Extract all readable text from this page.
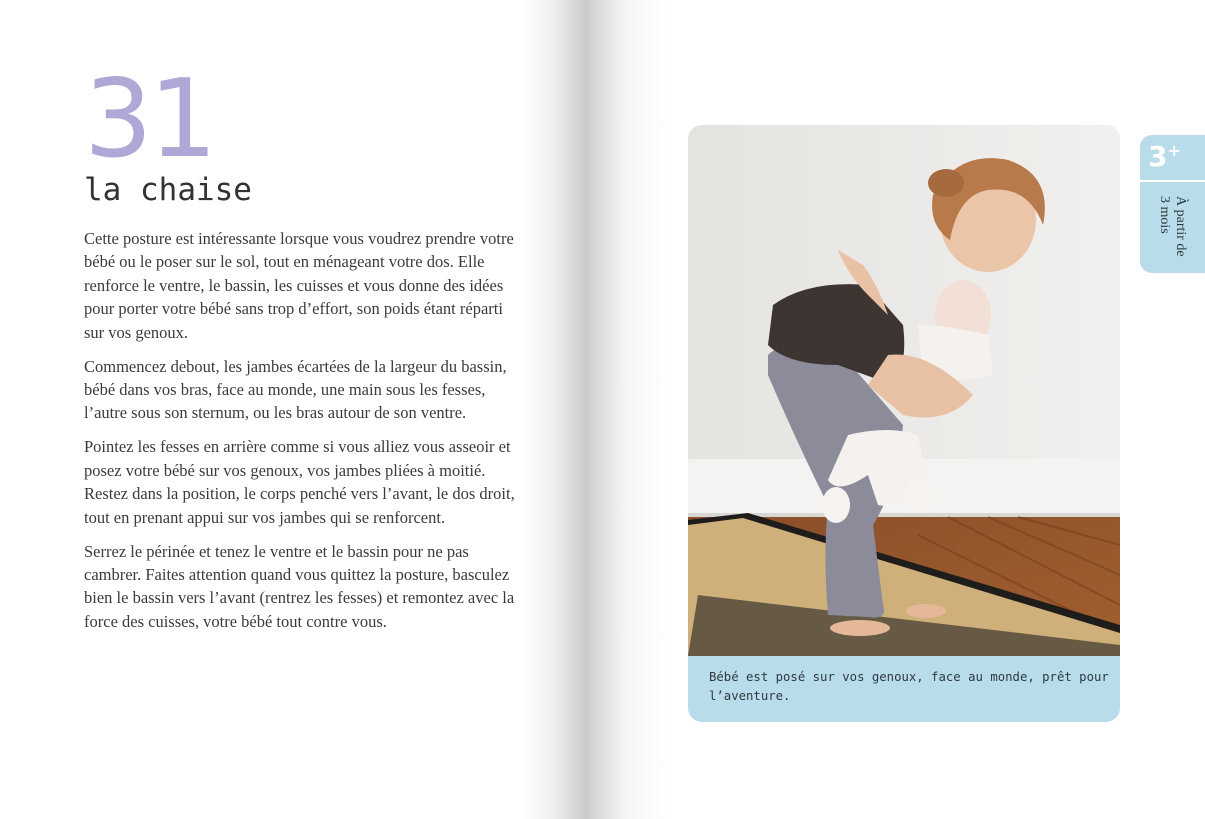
31
la chaise

Cette posture est intéressante lorsque vous voudrez prendre votre bébé ou le poser sur le sol, tout en ménageant votre dos. Elle renforce le ventre, le bassin, les cuisses et vous donne des idées pour porter votre bébé sans trop d’effort, son poids étant réparti sur vos genoux.

Commencez debout, les jambes écartées de la largeur du bassin, bébé dans vos bras, face au monde, une main sous les fesses, l’autre sous son sternum, ou les bras autour de son ventre.

Pointez les fesses en arrière comme si vous alliez vous asseoir et posez votre bébé sur vos genoux, vos jambes pliées à moitié. Restez dans la position, le corps penché vers l’avant, le dos droit, tout en prenant appui sur vos jambes qui se renforcent.

Serrez le périnée et tenez le ventre et le bassin pour ne pas cambrer. Faites attention quand vous quittez la posture, basculez bien le bassin vers l’avant (rentrez les fesses) et remontez avec la force des cuisses, votre bébé tout contre vous.

Bébé est posé sur vos genoux, face au monde, prêt pour l’aventure.
3+
À partir de 3 mois
